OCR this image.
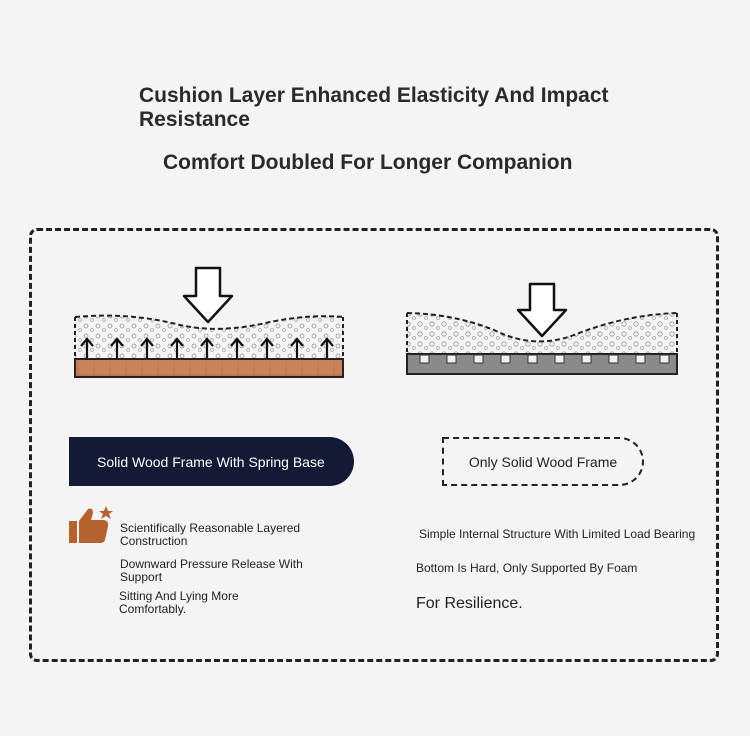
Cushion Layer Enhanced Elasticity And Impact Resistance
Comfort Doubled For Longer Companion
Solid Wood Frame With Spring Base	Only Solid Wood Frame
Scientifically Reasonable Layered Construction
Downward Pressure Release With Support
Sitting And Lying More Comfortably.
Simple Internal Structure With Limited Load Bearing
Bottom Is Hard, Only Supported By Foam
For Resilience.
